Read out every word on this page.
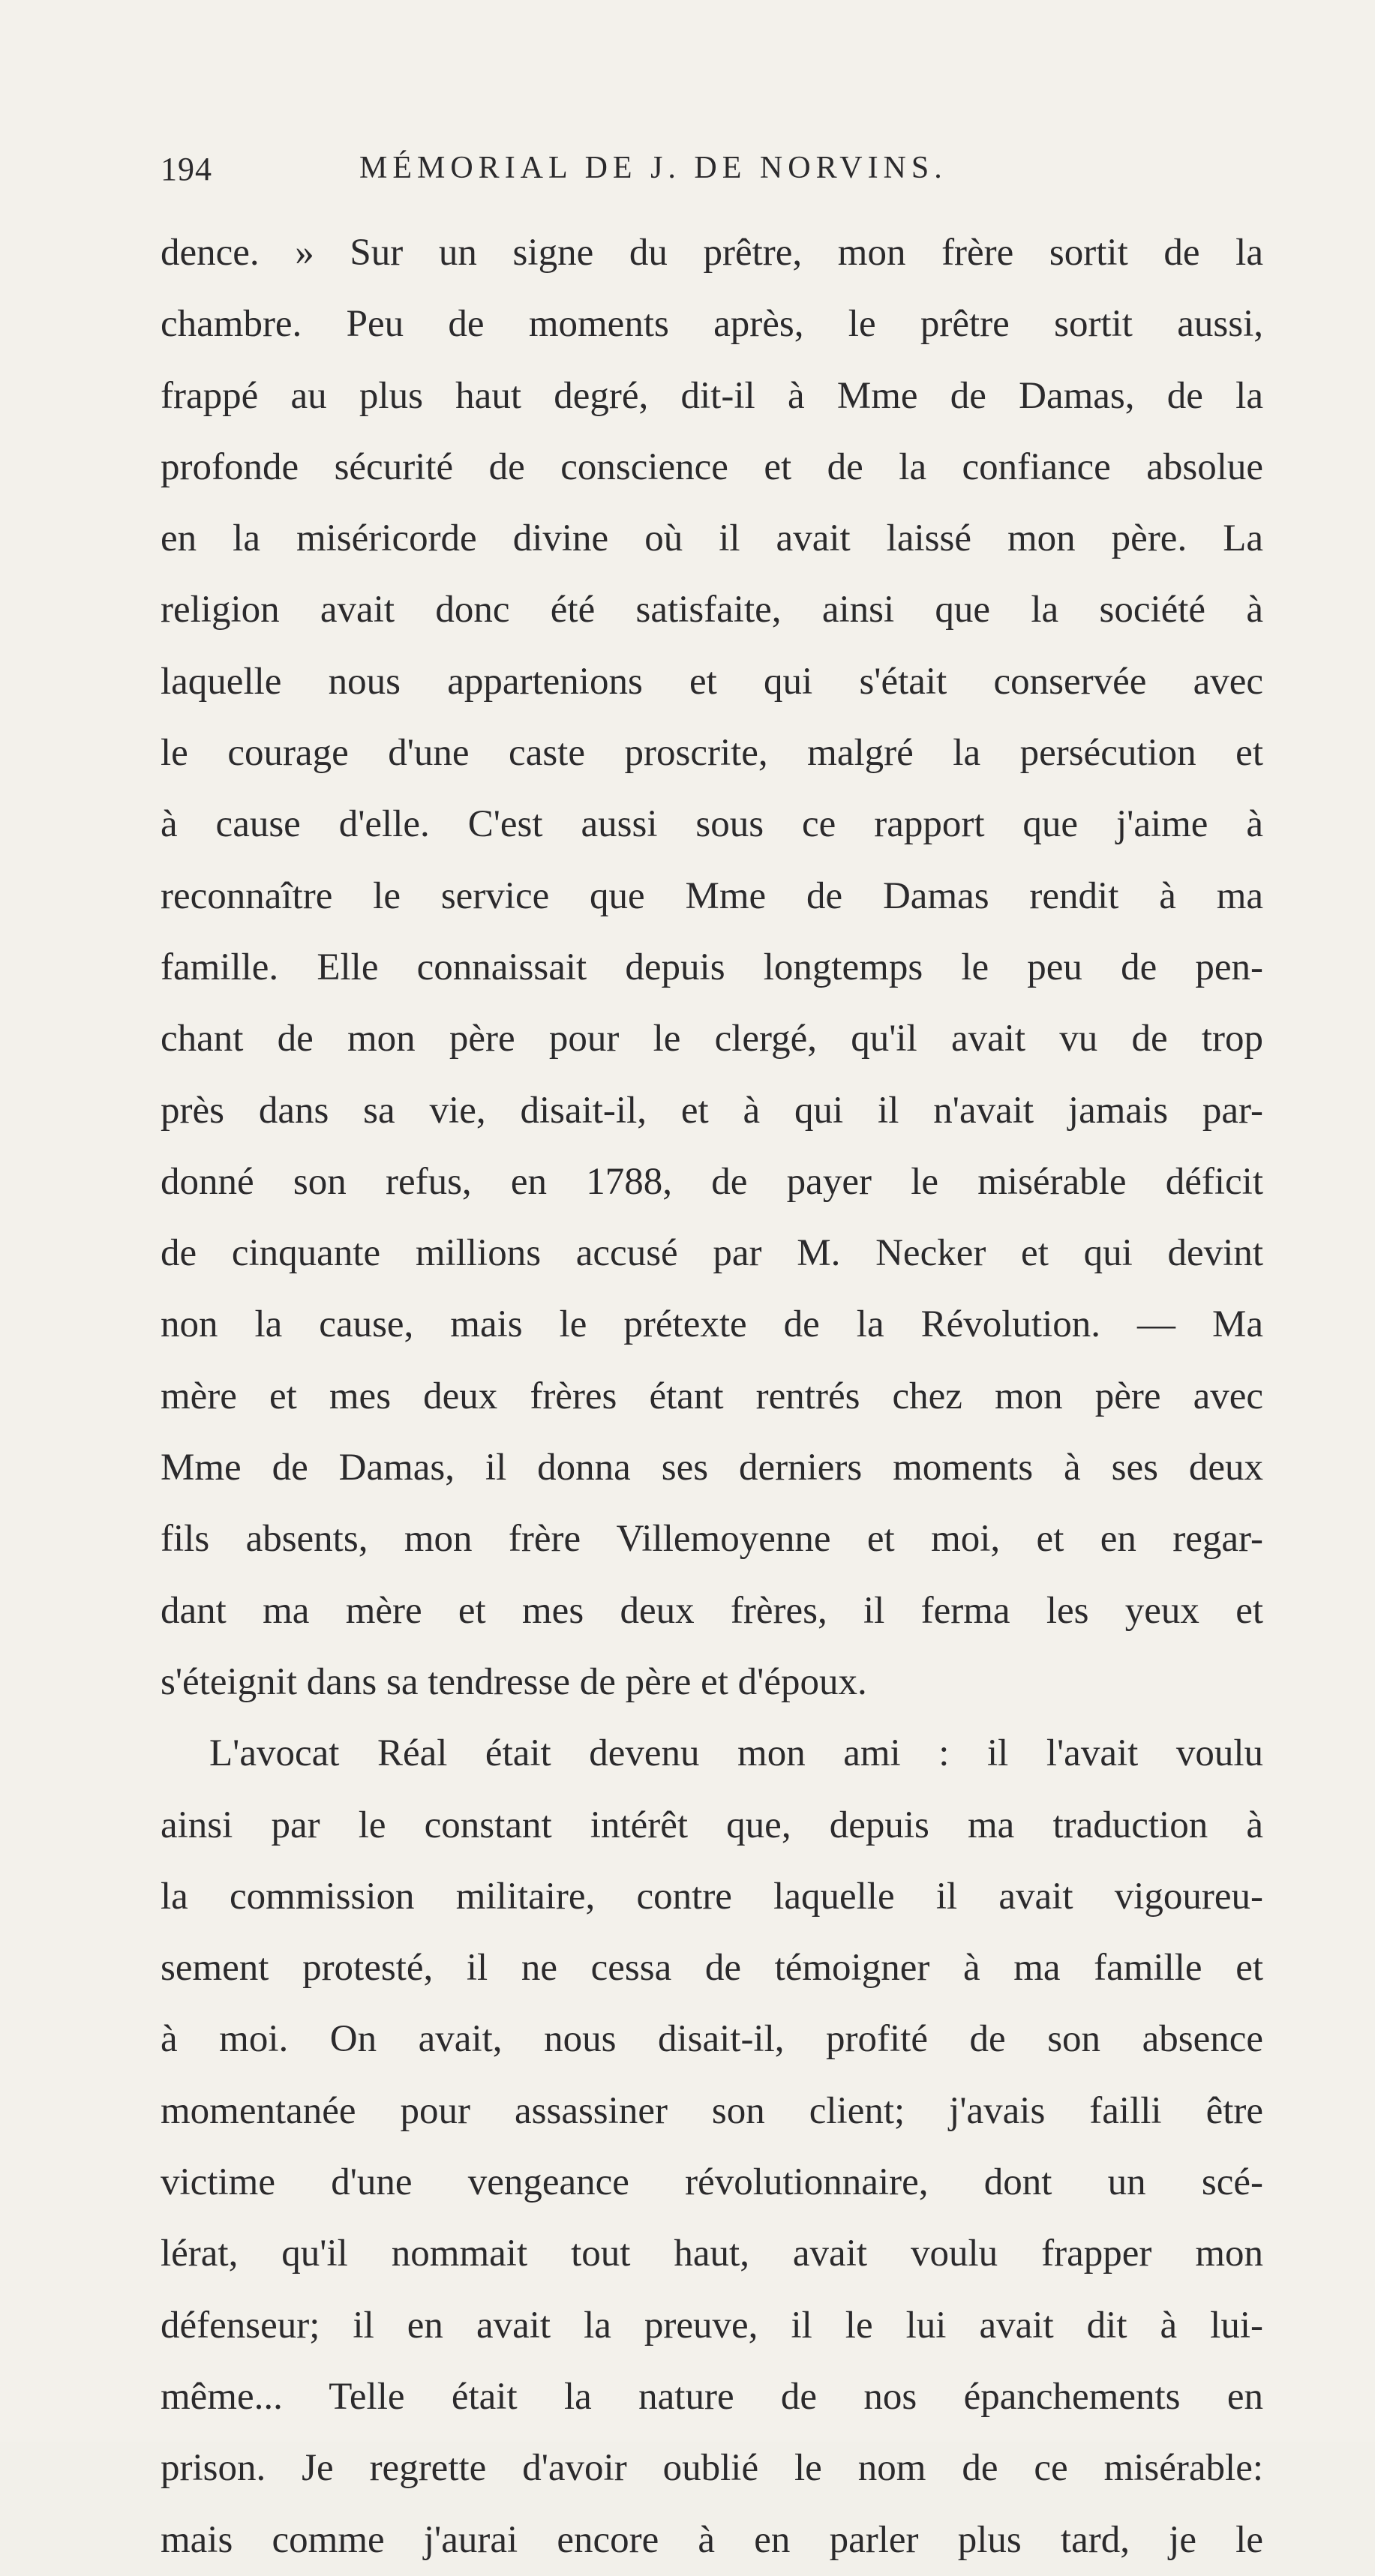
194	MÉMORIAL DE J. DE NORVINS.
dence. » Sur un signe du prêtre, mon frère sortit de la
chambre. Peu de moments après, le prêtre sortit aussi,
frappé au plus haut degré, dit-il à Mme de Damas, de la
profonde sécurité de conscience et de la confiance absolue
en la miséricorde divine où il avait laissé mon père. La
religion avait donc été satisfaite, ainsi que la société à
laquelle nous appartenions et qui s'était conservée avec
le courage d'une caste proscrite, malgré la persécution et
à cause d'elle. C'est aussi sous ce rapport que j'aime à
reconnaître le service que Mme de Damas rendit à ma
famille. Elle connaissait depuis longtemps le peu de pen-
chant de mon père pour le clergé, qu'il avait vu de trop
près dans sa vie, disait-il, et à qui il n'avait jamais par-
donné son refus, en 1788, de payer le misérable déficit
de cinquante millions accusé par M. Necker et qui devint
non la cause, mais le prétexte de la Révolution. — Ma
mère et mes deux frères étant rentrés chez mon père avec
Mme de Damas, il donna ses derniers moments à ses deux
fils absents, mon frère Villemoyenne et moi, et en regar-
dant ma mère et mes deux frères, il ferma les yeux et
s'éteignit dans sa tendresse de père et d'époux.
L'avocat Réal était devenu mon ami : il l'avait voulu
ainsi par le constant intérêt que, depuis ma traduction à
la commission militaire, contre laquelle il avait vigoureu-
sement protesté, il ne cessa de témoigner à ma famille et
à moi. On avait, nous disait-il, profité de son absence
momentanée pour assassiner son client; j'avais failli être
victime d'une vengeance révolutionnaire, dont un scé-
lérat, qu'il nommait tout haut, avait voulu frapper mon
défenseur; il en avait la preuve, il le lui avait dit à lui-
même... Telle était la nature de nos épanchements en
prison. Je regrette d'avoir oublié le nom de ce misérable:
mais comme j'aurai encore à en parler plus tard, je le
